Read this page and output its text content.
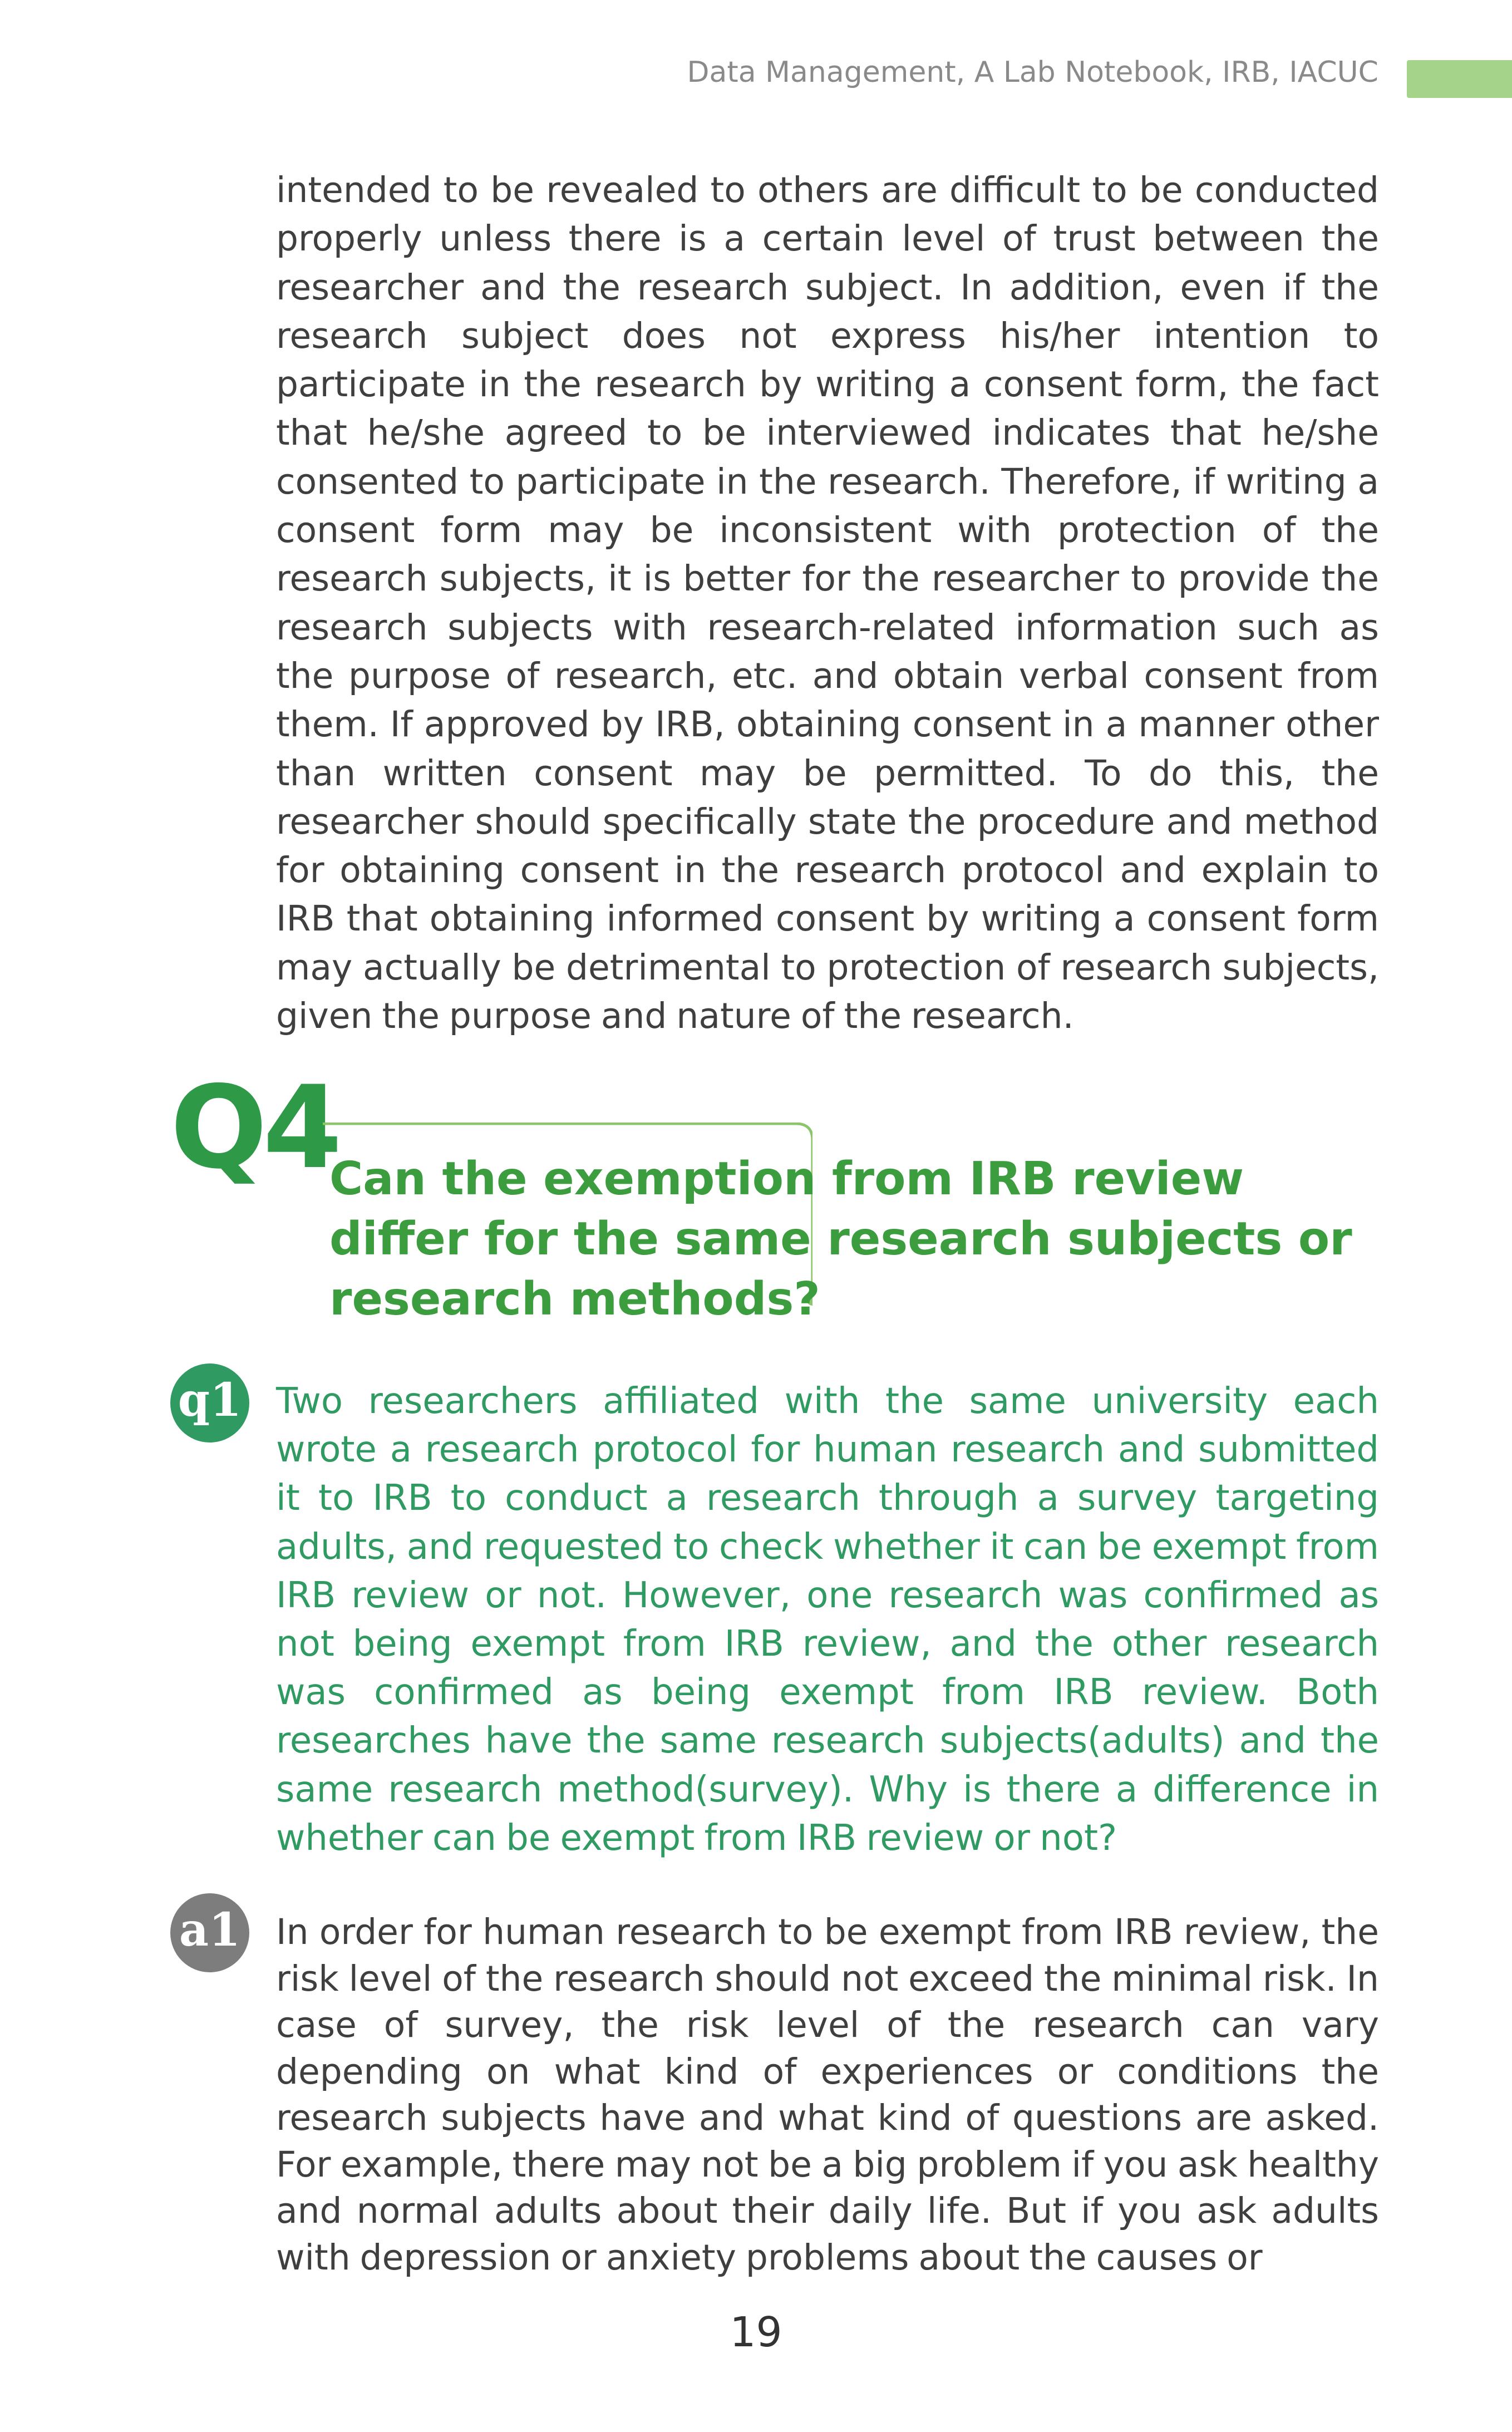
Data Management, A Lab Notebook, IRB, IACUC

intended to be revealed to others are difficult to be conducted properly unless there is a certain level of trust between the researcher and the research subject. In addition, even if the research subject does not express his/her intention to participate in the research by writing a consent form, the fact that he/she agreed to be interviewed indicates that he/she consented to participate in the research. Therefore, if writing a consent form may be inconsistent with protection of the research subjects, it is better for the researcher to provide the research subjects with research-related information such as the purpose of research, etc. and obtain verbal consent from them. If approved by IRB, obtaining consent in a manner other than written consent may be permitted. To do this, the researcher should specifically state the procedure and method for obtaining consent in the research protocol and explain to IRB that obtaining informed consent by writing a consent form may actually be detrimental to protection of research subjects, given the purpose and nature of the research.

Q4
Can the exemption from IRB review differ for the same research subjects or research methods?
q1 Two researchers affiliated with the same university each wrote a research protocol for human research and submitted it to IRB to conduct a research through a survey targeting adults, and requested to check whether it can be exempt from IRB review or not. However, one research was confirmed as not being exempt from IRB review, and the other research was confirmed as being exempt from IRB review. Both researches have the same research subjects(adults) and the same research method(survey). Why is there a difference in whether can be exempt from IRB review or not?

a1 In order for human research to be exempt from IRB review, the risk level of the research should not exceed the minimal risk. In case of survey, the risk level of the research can vary depending on what kind of experiences or conditions the research subjects have and what kind of questions are asked. For example, there may not be a big problem if you ask healthy and normal adults about their daily life. But if you ask adults with depression or anxiety problems about the causes or

19
